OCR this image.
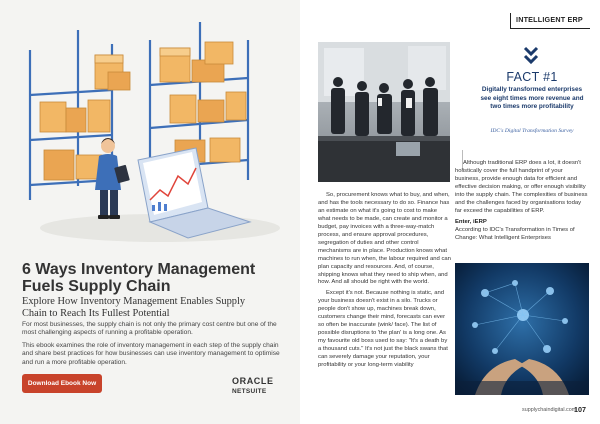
6 Ways Inventory Management Fuels Supply Chain
Explore How Inventory Management Enables Supply Chain to Reach Its Fullest Potential
For most businesses, the supply chain is not only the primary cost centre but one of the most challenging aspects of running a profitable operation.
This ebook examines the role of inventory management in each step of the supply chain and share best practices for how businesses can use inventory management to optimise and run a more profitable operation.
Download Ebook Now	ORACLE
NETSUITE
INTELLIGENT ERP
FACT #1
Digitally transformed enterprises see eight times more revenue and two times more profitability
IDC's Digital Transformation Survey

So, procurement knows what to buy, and when, and has the tools necessary to do so. Finance has an estimate on what it's going to cost to make what needs to be made, can create and monitor a budget, pay invoices with a three-way-match process, and ensure approval procedures, segregation of duties and other control mechanisms are in place. Production knows what machines to run when, the labour required and can plan capacity and resources. And, of course, shipping knows what they need to ship when, and how. And all should be right with the world.

Except it's not. Because nothing is static, and your business doesn't exist in a silo. Trucks or people don't show up, machines break down, customers change their mind, forecasts can ever so often be inaccurate (wink/ face). The list of possible disruptions to 'the plan' is a long one. As my favourite old boss used to say: "It's a death by a thousand cuts." It's not just the black swans that can severely damage your reputation, your profitability or your long-term viability

Although traditional ERP does a lot, it doesn't holistically cover the full handprint of your business, provide enough data for efficient and effective decision making, or offer enough visibility into the supply chain. The complexities of business and the challenges faced by organisations today far exceed the capabilities of ERP.

Enter, iERP

According to IDC's Transformation in Times of Change: What Intelligent Enterprises

supplychaindigital.com
107
